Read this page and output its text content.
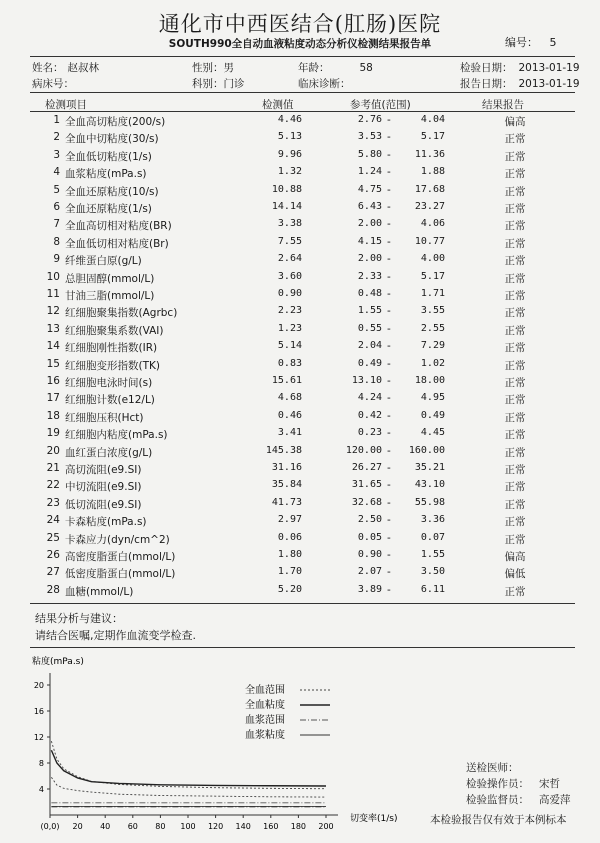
通化市中西医结合(肛肠)医院
SOUTH990全自动血液粘度动态分析仪检测结果报告单	编号： 5
姓名： 赵叔林	性别：男	年龄：	58	检验日期： 2013-01-19
病床号：	科别：门诊	临床诊断：	报告日期： 2013-01-19
检测项目	检测值	参考值(范围)	结果报告
1 全血高切粘度(200/s)	4.46	2.76 -	4.04	偏高
2 全血中切粘度(30/s)	5.13	3.53 -	5.17	正常
3 全血低切粘度(1/s)	9.96	5.80 -	11.36	正常
4 血浆粘度(mPa.s)	1.32	1.24 -	1.88	正常
5 全血还原粘度(10/s)	10.88	4.75 -	17.68	正常
6 全血还原粘度(1/s)	14.14	6.43 -	23.27	正常
7 全血高切相对粘度(BR)	3.38	2.00 -	4.06	正常
8 全血低切相对粘度(Br)	7.55	4.15 -	10.77	正常
9 纤维蛋白原(g/L)	2.64	2.00 -	4.00	正常
10 总胆固醇(mmol/L)	3.60	2.33 -	5.17	正常
11 甘油三脂(mmol/L)	0.90	0.48 -	1.71	正常
12 红细胞聚集指数(Agrbc)	2.23	1.55 -	3.55	正常
13 红细胞聚集系数(VAI)	1.23	0.55 -	2.55	正常
14 红细胞刚性指数(IR)	5.14	2.04 -	7.29	正常
15 红细胞变形指数(TK)	0.83	0.49 -	1.02	正常
16 红细胞电泳时间(s)	15.61	13.10 -	18.00	正常
17 红细胞计数(e12/L)	4.68	4.24 -	4.95	正常
18 红细胞压积(Hct)	0.46	0.42 -	0.49	正常
19 红细胞内粘度(mPa.s)	3.41	0.23 -	4.45	正常
20 血红蛋白浓度(g/L)	145.38	120.00 -	160.00	正常
21 高切流阻(e9.SI)	31.16	26.27 -	35.21	正常
22 中切流阻(e9.SI)	35.84	31.65 -	43.10	正常
23 低切流阻(e9.SI)	41.73	32.68 -	55.98	正常
24 卡森粘度(mPa.s)	2.97	2.50 -	3.36	正常
25 卡森应力(dyn/cm^2)	0.06	0.05 -	0.07	正常
26 高密度脂蛋白(mmol/L)	1.80	0.90 -	1.55	偏高
27 低密度脂蛋白(mmol/L)	1.70	2.07 -	3.50	偏低
28 血糖(mmol/L)	5.20	3.89 -	6.11	正常
结果分析与建议：
请结合医嘱,定期作血流变学检查.
粘度(mPa.s)
切变率(1/s)
4
8
12
16
20
(0,0) 20 40 60 80 100 120 140 160 180 200
全血范围
全血粘度
血浆范围
血浆粘度
送检医师：
检验操作员： 宋哲
检验监督员： 高爱萍
本检验报告仅有效于本例标本
